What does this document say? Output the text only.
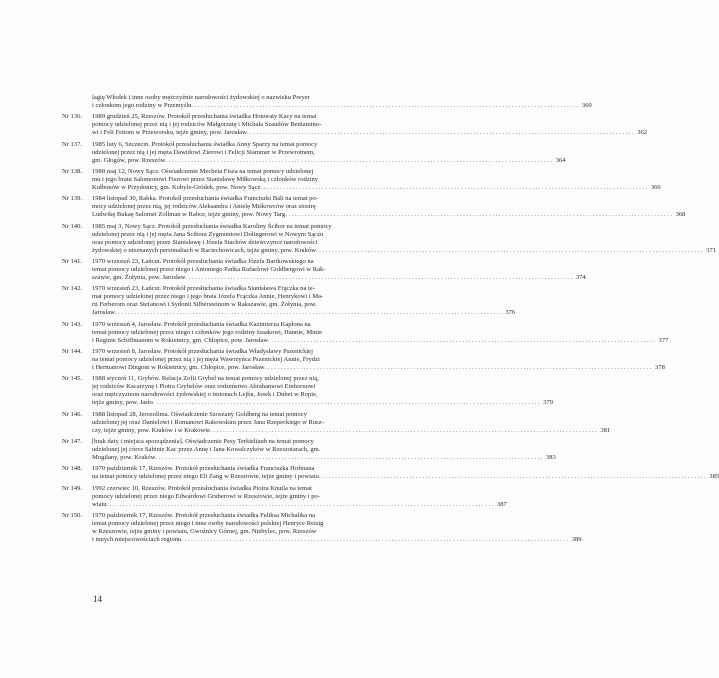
lagię Włodek i inne osoby mężczyźnie narodowości żydowskiej o nazwisku Preyer
i członkom jego rodziny w Przemyślu ........................................................................................................................ 360
Nr 136.	1989 grudzień 25, Rzeszów. Protokół przesłuchania świadka Honoraty Kacy na temat
pomocy udzielonej przez nią i jej rodziców Małgorzatę i Michała Szaudów Beniamino-
wi i Feli Feitom w Przeworsku, tejże gminy, pow. Jarosław ........................................................................................................................ 362
Nr 137.	1985 luty 6, Szczecin. Protokół przesłuchania świadka Anny Sparzy na temat pomocy
udzielonej przez nią i jej męża Dawidowi Zierowi i Felicji Stammer w Przewrotnem,
gm. Głogów, pow. Rzeszów ........................................................................................................................ 364
Nr 138.	1988 maj 12, Nowy Sącz. Oświadczenie Mecheia Fisza na temat pomocy udzielonej
mu i jego bratu Salomonowi Fiszowi przez Stanisławę Miłkowską i członków rodziny
Kołbonów w Przydonicy, gm. Kobyle-Gródek, pow. Nowy Sącz ........................................................................................................................ 366
Nr 139.	1984 listopad 30, Rabka. Protokół przesłuchania świadka Franciszki Bali na temat po-
mocy udzielonej przez nią, jej rodziców Aleksandra i Anielę Miśkowców oraz siostrę
Ludwikę Bukaę Salomei Zollman w Rabce, tejże gminy, pow. Nowy Targ ........................................................................................................................ 368
Nr 140.	1985 maj 3, Nowy Sącz. Protokół przesłuchania świadka Karoliny Ścibor na temat pomocy
udzielonej przez nią i jej męża Jana Ścibora Zygmuntowi Dolingerowi w Nowym Sączu
oraz pomocy udzielonej przez Stanisławę i Józefa Stachów dziewczynce narodowości
żydowskiej o nieznanych personaliach w Raciechowicach, tejże gminy, pow. Kraków ........................................................................................................................ 371
Nr 141.	1970 wrzesień 23, Łańcut. Protokół przesłuchania świadka Józefa Bartkowskiego na
temat pomocy udzielonej przez niego i Antoniego Pańka Rafaelowi Goldbergowi w Rak-
szawie, gm. Żołynia, pow. Jarosław ........................................................................................................................ 374
Nr 142.	1970 wrzesień 23, Łańcut. Protokół przesłuchania świadka Stanisława Frączka na te-
mat pomocy udzielonej przez niego i jego brata Józefa Frączka Annie, Henrykowi i Ma-
rii Ferberom oraz Stefanowi i Sydonii Silbersteinom w Rakszawie, gm. Żołynia, pow.
Jarosław ........................................................................................................................ 376
Nr 143.	1970 wrzesień 4, Jarosław. Protokół przesłuchania świadka Kazimierza Kapłona na
temat pomocy udzielonej przez niego i członków jego rodziny Izaakowi, Hannie, Minie
i Reginie Schiffmanom w Rokietnicy, gm. Chłopice, pow. Jarosław ........................................................................................................................ 377
Nr 144.	1970 wrzesień 8, Jarosław. Protokół przesłuchania świadka Władysławy Pszenickiej
na temat pomocy udzielonej przez nią i jej męża Wawrzyńca Pszenickiej Annie, Frydzi
i Hermanowi Dingom w Rokietnicy, gm. Chłopice, pow. Jarosław ........................................................................................................................ 378
Nr 145.	1988 styczeń 11, Grybów. Relacja Zofii Grybel na temat pomocy udzielonej przez nią,
jej rodziców Kacarzynę i Piotra Grybelów oraz rodzeństwo Abrahamowi Einhornowi
oraz mężczyznom narodowości żydowskiej o imionach Lejba, Josek i Dubet w Ropie,
tejże gminy, pow. Jasło ........................................................................................................................ 379
Nr 146.	1988 listopad 28, Jerozolima. Oświadczenie Szoszany Goldberg na temat pomocy
udzielonej jej oraz Danielowi i Romanowi Rakowskim przez Jana Rzepeckiego w Rusz-
czy, tejże gminy, pow. Kraków i w Krakowie ........................................................................................................................ 381
Nr 147.	[brak daty i miejsca sporządzenia]. Oświadczenie Pesy Terkieltaub na temat pomocy
udzielonej jej córce Sabinie Kac przez Annę i Jana Kowalczyków w Rzeszotarach, gm.
Mogilany, pow. Kraków ........................................................................................................................ 383
Nr 148.	1970 październik 17, Rzeszów. Protokół przesłuchania świadka Franciszka Hofmana
na temat pomocy udzielonej przez niego Eli Zang w Rzeszowie, tejże gminy i powiatu ........................................................................................................................ 385
Nr 149.	1992 czerwiec 10, Rzeszów. Protokół przesłuchania świadka Piotra Knutla na temat
pomocy udzielonej przez niego Edwardowi Gruberowi w Rzeszowie, tejże gminy i po-
wiatu ........................................................................................................................ 387
Nr 150.	1970 październik 17, Rzeszów. Protokół przesłuchania świadka Feliksa Michalika na
temat pomocy udzielonej przez niego i inne osoby narodowości polskiej Henryce Reisig
w Rzeszowie, tejże gminy i powiatu, Gwoźnicy Górnej, gm. Niebylec, pow. Rzeszów
i innych miejscowościach regionu ........................................................................................................................ 389
14
